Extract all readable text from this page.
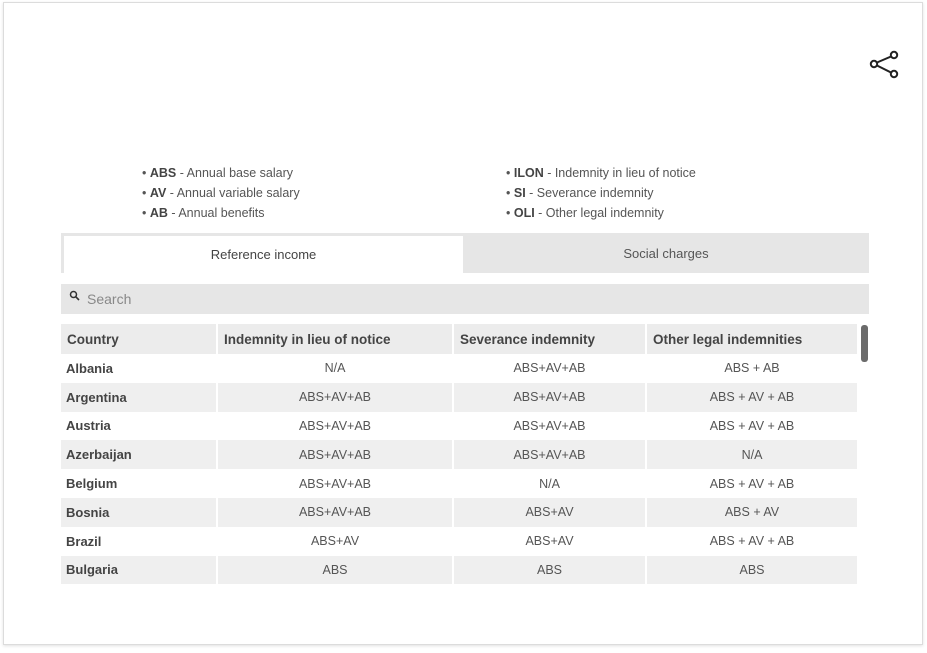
• ABS - Annual base salary
• AV - Annual variable salary
• AB - Annual benefits
• ILON - Indemnity in lieu of notice
• SI - Severance indemnity
• OLI - Other legal indemnity
Reference income	Social charges
Search
Country	Indemnity in lieu of notice	Severance indemnity	Other legal indemnities
Albania	N/A	ABS+AV+AB	ABS + AB
Argentina	ABS+AV+AB	ABS+AV+AB	ABS + AV + AB
Austria	ABS+AV+AB	ABS+AV+AB	ABS + AV + AB
Azerbaijan	ABS+AV+AB	ABS+AV+AB	N/A
Belgium	ABS+AV+AB	N/A	ABS + AV + AB
Bosnia	ABS+AV+AB	ABS+AV	ABS + AV
Brazil	ABS+AV	ABS+AV	ABS + AV + AB
Bulgaria	ABS	ABS	ABS
